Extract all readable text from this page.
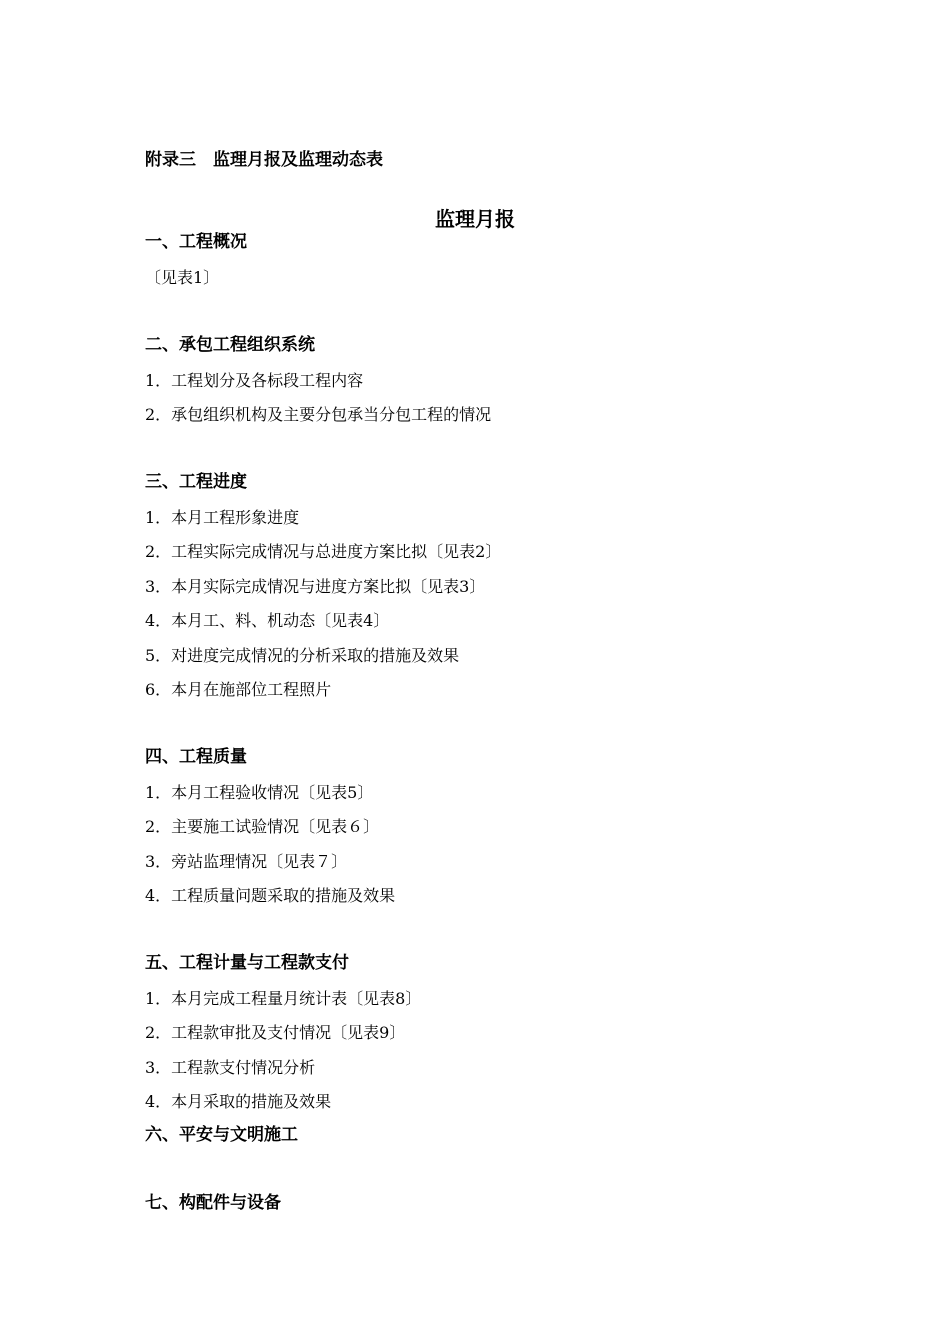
附录三　监理月报及监理动态表
监理月报
一、工程概况
〔见表1〕
二、承包工程组织系统
1．工程划分及各标段工程内容
2．承包组织机构及主要分包承当分包工程的情况
三、工程进度
1．本月工程形象进度
2．工程实际完成情况与总进度方案比拟〔见表2〕
3．本月实际完成情况与进度方案比拟〔见表3〕
4．本月工、料、机动态〔见表4〕
5．对进度完成情况的分析采取的措施及效果
6．本月在施部位工程照片
四、工程质量
1．本月工程验收情况〔见表5〕
2．主要施工试验情况〔见表６〕
3．旁站监理情况〔见表７〕
4．工程质量问题采取的措施及效果
五、工程计量与工程款支付
1．本月完成工程量月统计表〔见表8〕
2．工程款审批及支付情况〔见表9〕
3．工程款支付情况分析
4．本月采取的措施及效果
六、平安与文明施工
七、构配件与设备
